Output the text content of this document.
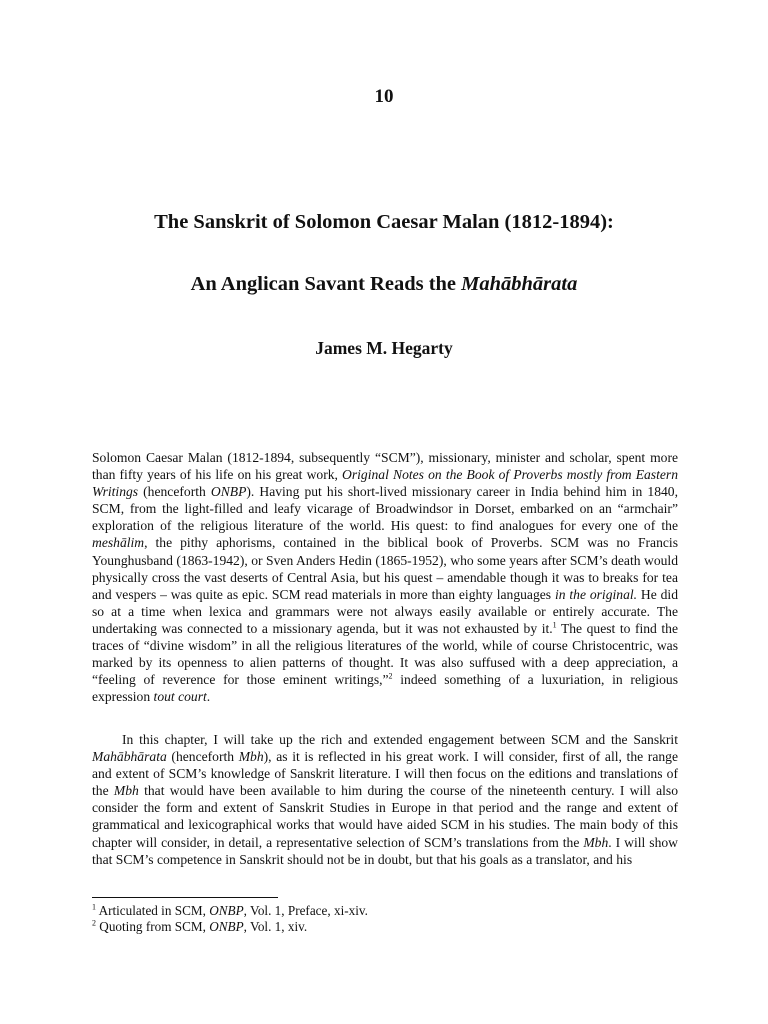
10
The Sanskrit of Solomon Caesar Malan (1812-1894):
An Anglican Savant Reads the Mahābhārata
James M. Hegarty

Solomon Caesar Malan (1812-1894, subsequently “SCM”), missionary, minister and scholar, spent more than fifty years of his life on his great work, Original Notes on the Book of Proverbs mostly from Eastern Writings (henceforth ONBP). Having put his short-lived missionary career in India behind him in 1840, SCM, from the light-filled and leafy vicarage of Broadwindsor in Dorset, embarked on an “armchair” exploration of the religious literature of the world. His quest: to find analogues for every one of the meshālim, the pithy aphorisms, contained in the biblical book of Proverbs. SCM was no Francis Younghusband (1863-1942), or Sven Anders Hedin (1865-1952), who some years after SCM’s death would physically cross the vast deserts of Central Asia, but his quest – amendable though it was to breaks for tea and vespers – was quite as epic. SCM read materials in more than eighty languages in the original. He did so at a time when lexica and grammars were not always easily available or entirely accurate. The undertaking was connected to a missionary agenda, but it was not exhausted by it.$^1$ The quest to find the traces of “divine wisdom” in all the religious literatures of the world, while of course Christocentric, was marked by its openness to alien patterns of thought. It was also suffused with a deep appreciation, a “feeling of reverence for those eminent writings,”$^2$ indeed something of a luxuriation, in religious expression tout court.

In this chapter, I will take up the rich and extended engagement between SCM and the Sanskrit Mahābhārata (henceforth Mbh), as it is reflected in his great work. I will consider, first of all, the range and extent of SCM’s knowledge of Sanskrit literature. I will then focus on the editions and translations of the Mbh that would have been available to him during the course of the nineteenth century. I will also consider the form and extent of Sanskrit Studies in Europe in that period and the range and extent of grammatical and lexicographical works that would have aided SCM in his studies. The main body of this chapter will consider, in detail, a representative selection of SCM’s translations from the Mbh. I will show that SCM’s competence in Sanskrit should not be in doubt, but that his goals as a translator, and his

$^1$ Articulated in SCM, ONBP, Vol. 1, Preface, xi-xiv.
$^2$ Quoting from SCM, ONBP, Vol. 1, xiv.
